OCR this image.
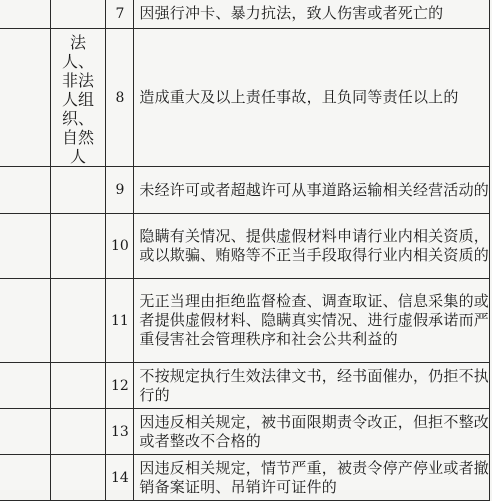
		7	因强行冲卡、暴力抗法，致人伤害或者死亡的

	法人、非法人组织、自然人	8	造成重大及以上责任事故，且负同等责任以上的
		9	未经许可或者超越许可从事道路运输相关经营活动的
		10	隐瞒有关情况、提供虚假材料申请行业内相关资质，或以欺骗、贿赂等不正当手段取得行业内相关资质的
		11	无正当理由拒绝监督检查、调查取证、信息采集的或者提供虚假材料、隐瞒真实情况、进行虚假承诺而严重侵害社会管理秩序和社会公共利益的
		12	不按规定执行生效法律文书，经书面催办，仍拒不执行的
		13	因违反相关规定，被书面限期责令改正，但拒不整改或者整改不合格的
		14	因违反相关规定，情节严重，被责令停产停业或者撤销备案证明、吊销许可证件的
